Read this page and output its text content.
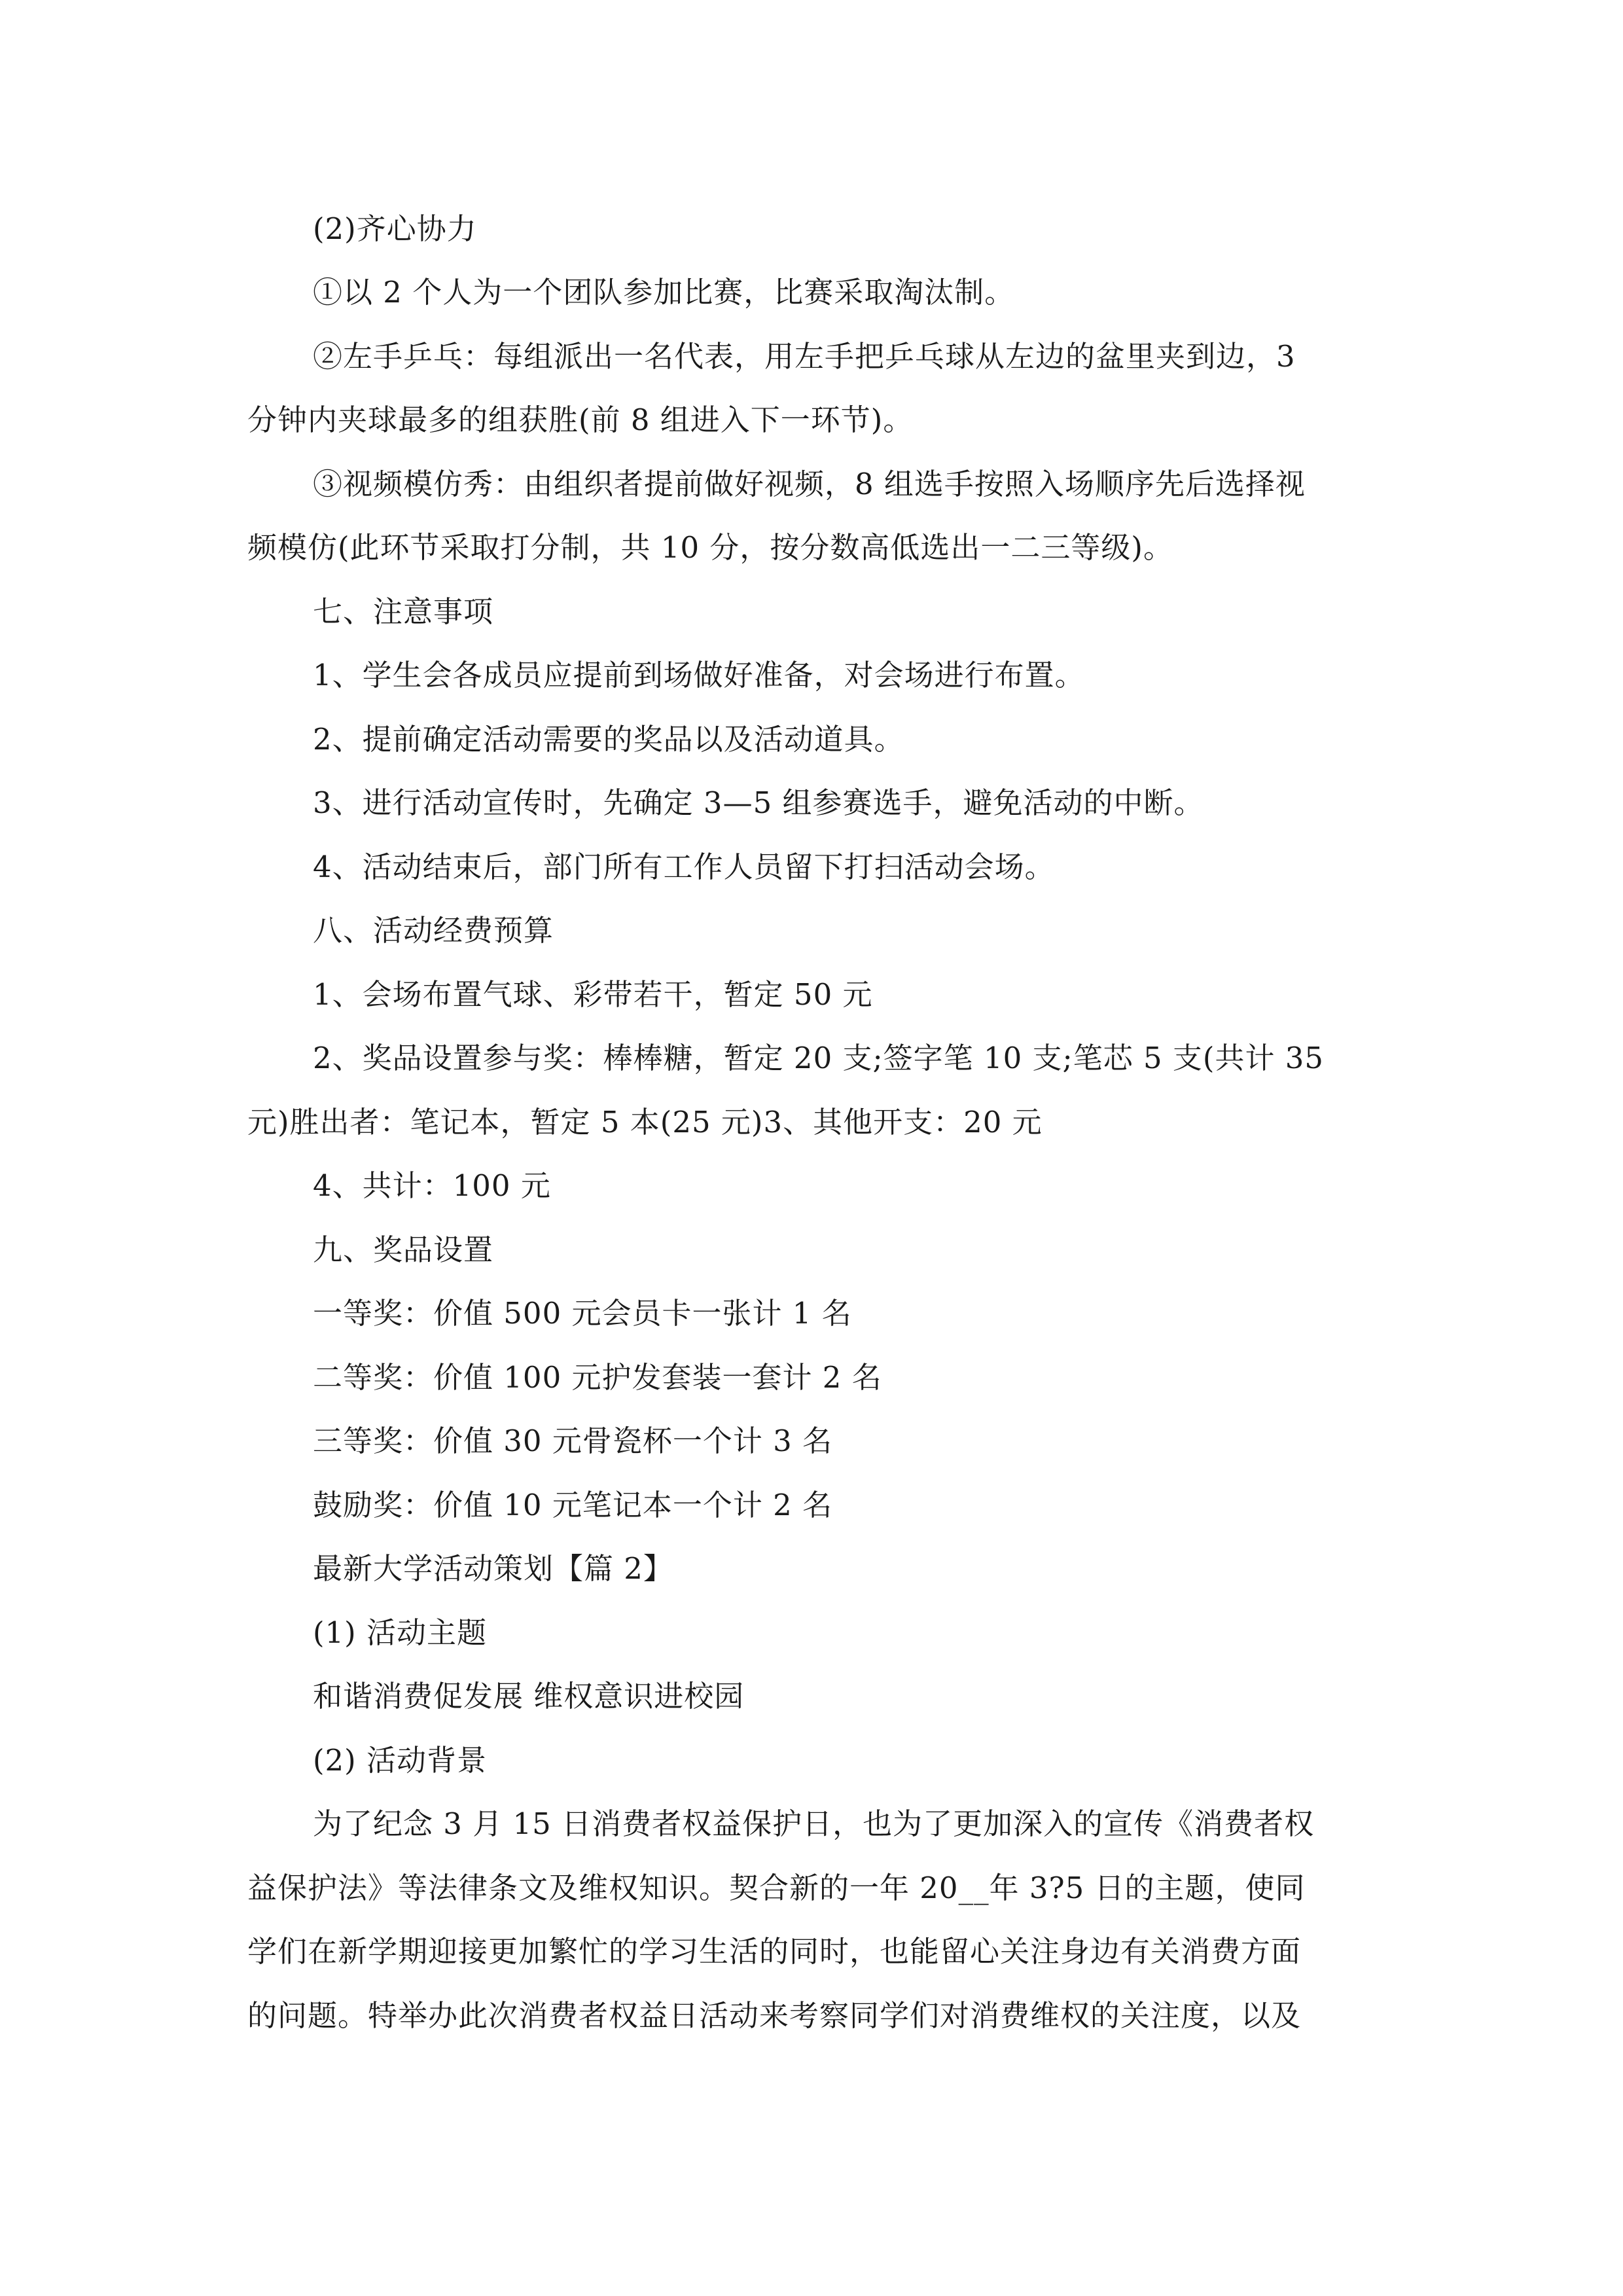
(2)齐心协力

①以 2 个人为一个团队参加比赛，比赛采取淘汰制。

②左手乒乓：每组派出一名代表，用左手把乒乓球从左边的盆里夹到边，3

分钟内夹球最多的组获胜(前 8 组进入下一环节)。

③视频模仿秀：由组织者提前做好视频，8 组选手按照入场顺序先后选择视

频模仿(此环节采取打分制，共 10 分，按分数高低选出一二三等级)。

七、注意事项

1、学生会各成员应提前到场做好准备，对会场进行布置。

2、提前确定活动需要的奖品以及活动道具。

3、进行活动宣传时，先确定 3—5 组参赛选手，避免活动的中断。

4、活动结束后，部门所有工作人员留下打扫活动会场。

八、活动经费预算

1、会场布置气球、彩带若干，暂定 50 元

2、奖品设置参与奖：棒棒糖，暂定 20 支;签字笔 10 支;笔芯 5 支(共计 35

元)胜出者：笔记本，暂定 5 本(25 元)3、其他开支：20 元

4、共计：100 元

九、奖品设置

一等奖：价值 500 元会员卡一张计 1 名

二等奖：价值 100 元护发套装一套计 2 名

三等奖：价值 30 元骨瓷杯一个计 3 名

鼓励奖：价值 10 元笔记本一个计 2 名

最新大学活动策划【篇 2】

(1) 活动主题

和谐消费促发展 维权意识进校园

(2) 活动背景

为了纪念 3 月 15 日消费者权益保护日，也为了更加深入的宣传《消费者权

益保护法》等法律条文及维权知识。契合新的一年 20__年 3?5 日的主题，使同

学们在新学期迎接更加繁忙的学习生活的同时，也能留心关注身边有关消费方面

的问题。特举办此次消费者权益日活动来考察同学们对消费维权的关注度，以及
